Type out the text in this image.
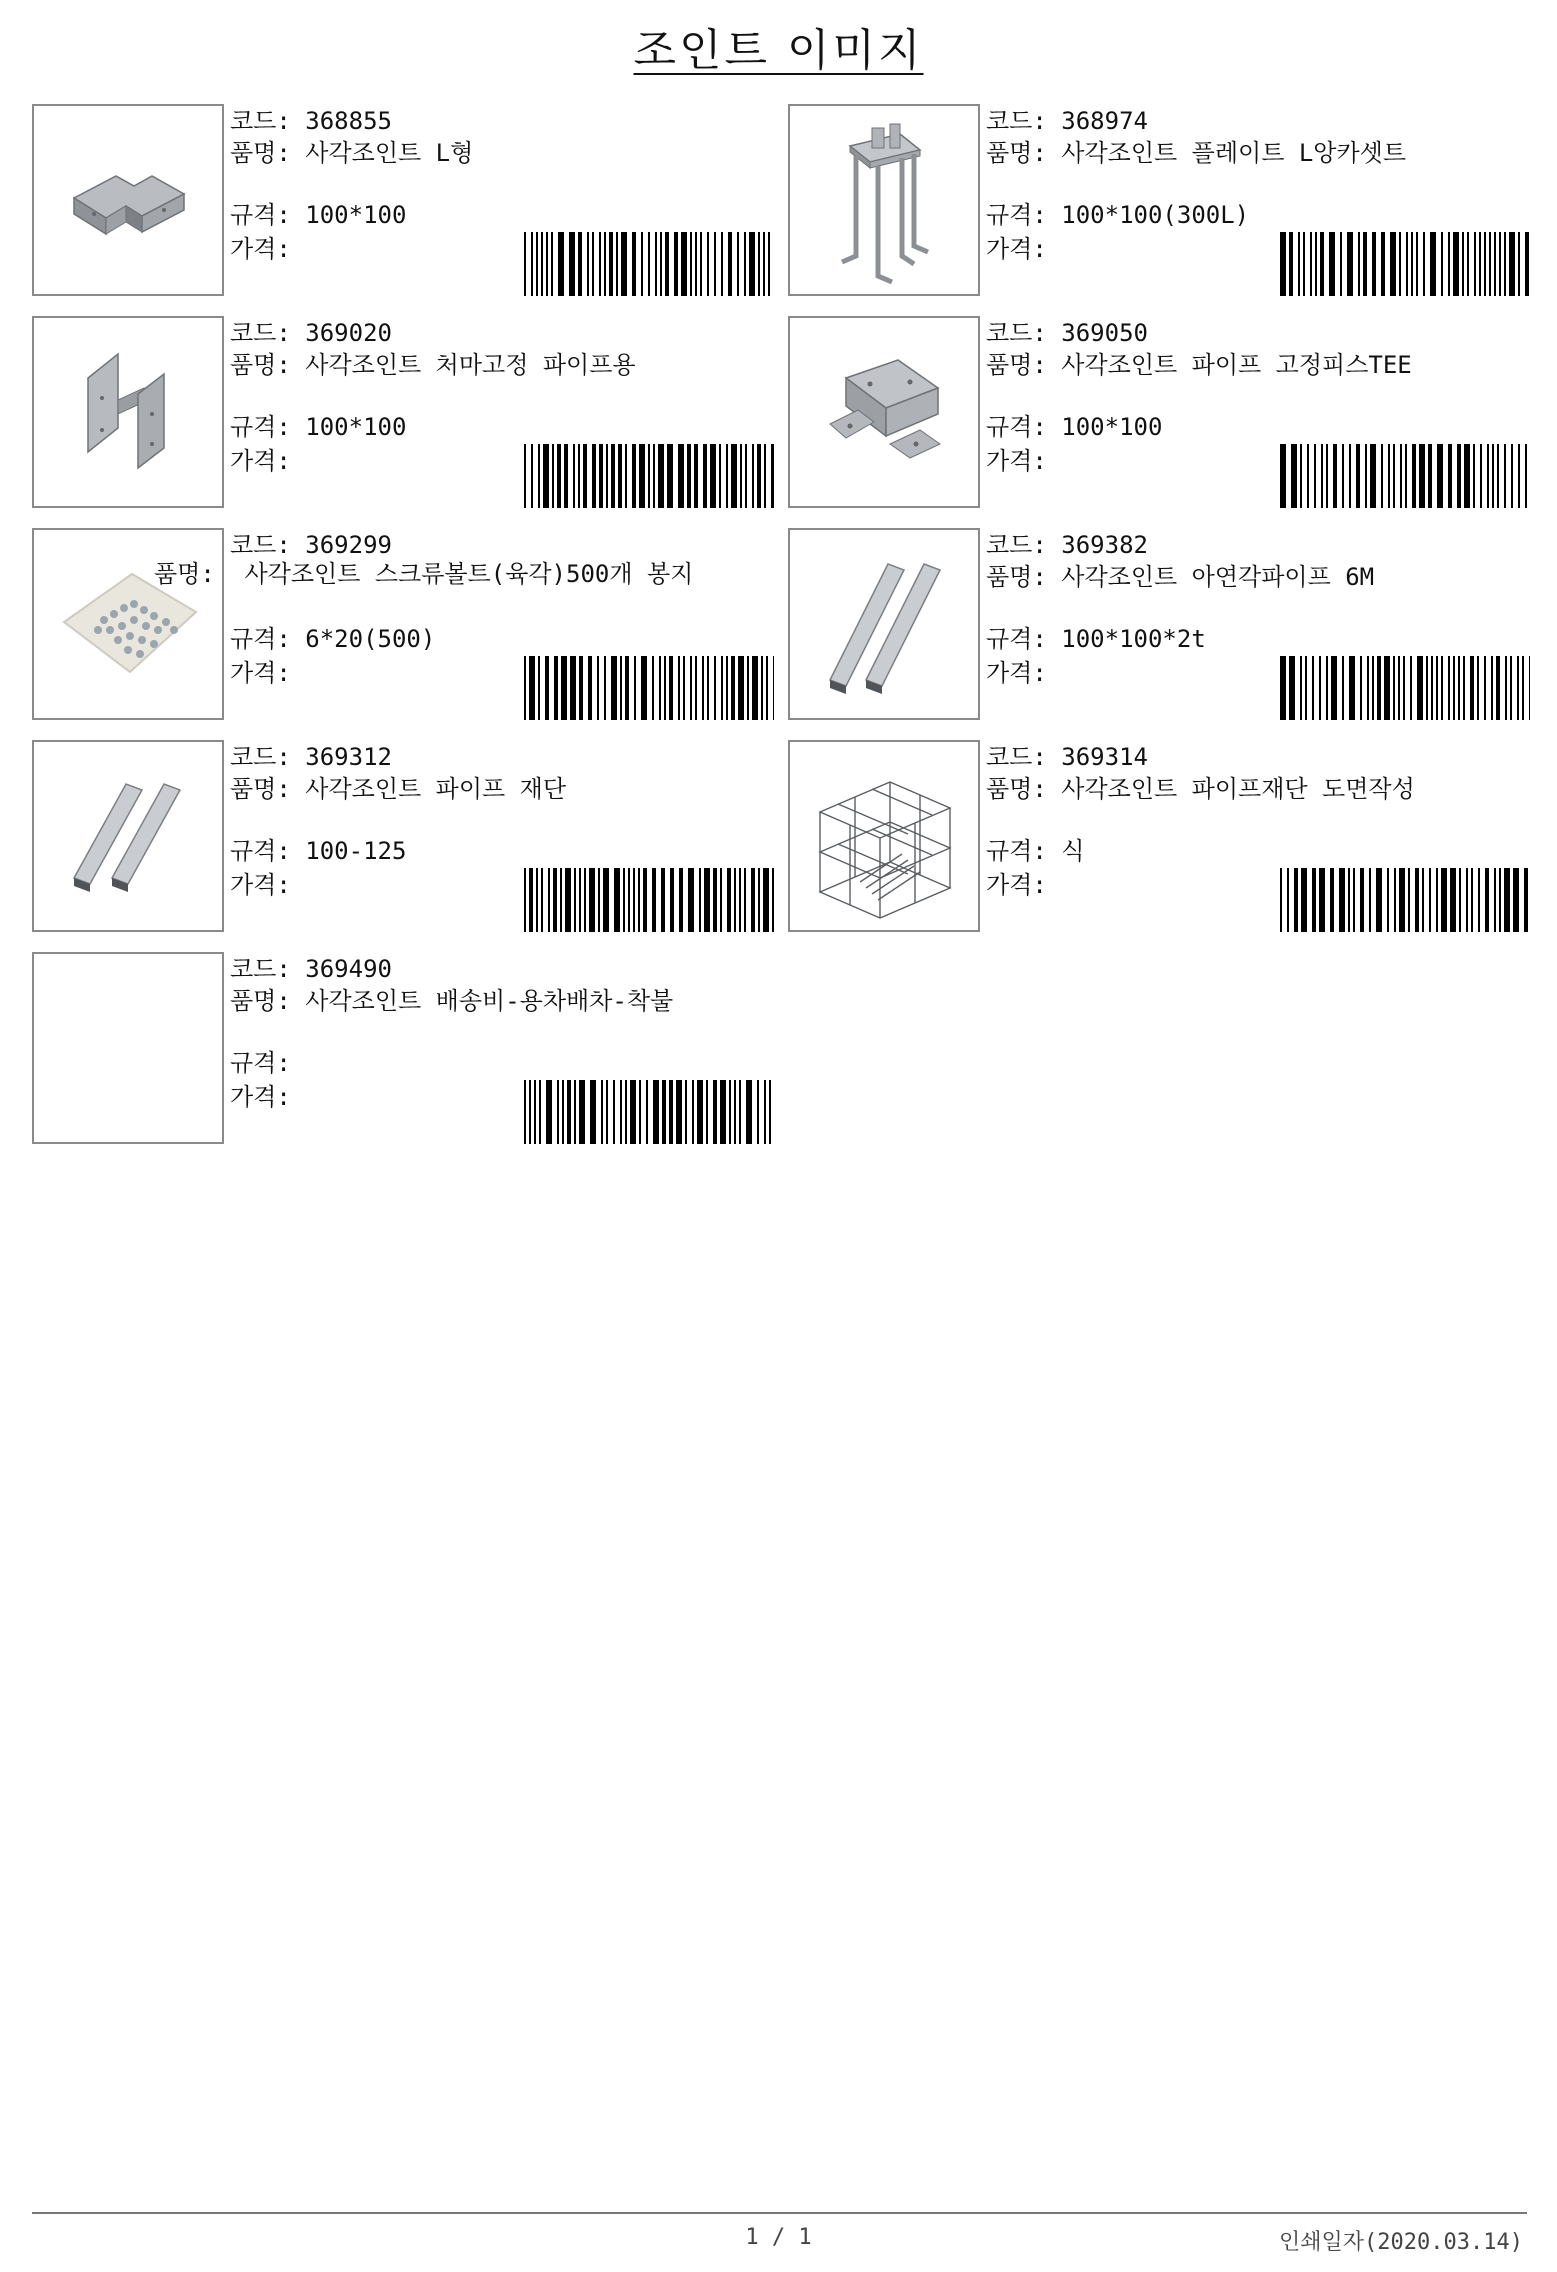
조인트 이미지
코드: 368855
품명: 사각조인트 L형
규격: 100*100
가격:
코드: 368974
품명: 사각조인트 플레이트 L앙카셋트
규격: 100*100(300L)
가격:
코드: 369020
품명: 사각조인트 처마고정 파이프용
규격: 100*100
가격:
코드: 369050
품명: 사각조인트 파이프 고정피스TEE
규격: 100*100
가격:
코드: 369299
사각조인트 스크류볼트(육각)500개 봉지
규격: 6*20(500)
가격:
코드: 369382
품명: 사각조인트 아연각파이프 6M
규격: 100*100*2t
가격:
코드: 369312
품명: 사각조인트 파이프 재단
규격: 100-125
가격:
코드: 369314
품명: 사각조인트 파이프재단 도면작성
규격: 식
가격:
코드: 369490
품명: 사각조인트 배송비-용차배차-착불
규격:
가격:
1 / 1	인쇄일자(2020.03.14)
